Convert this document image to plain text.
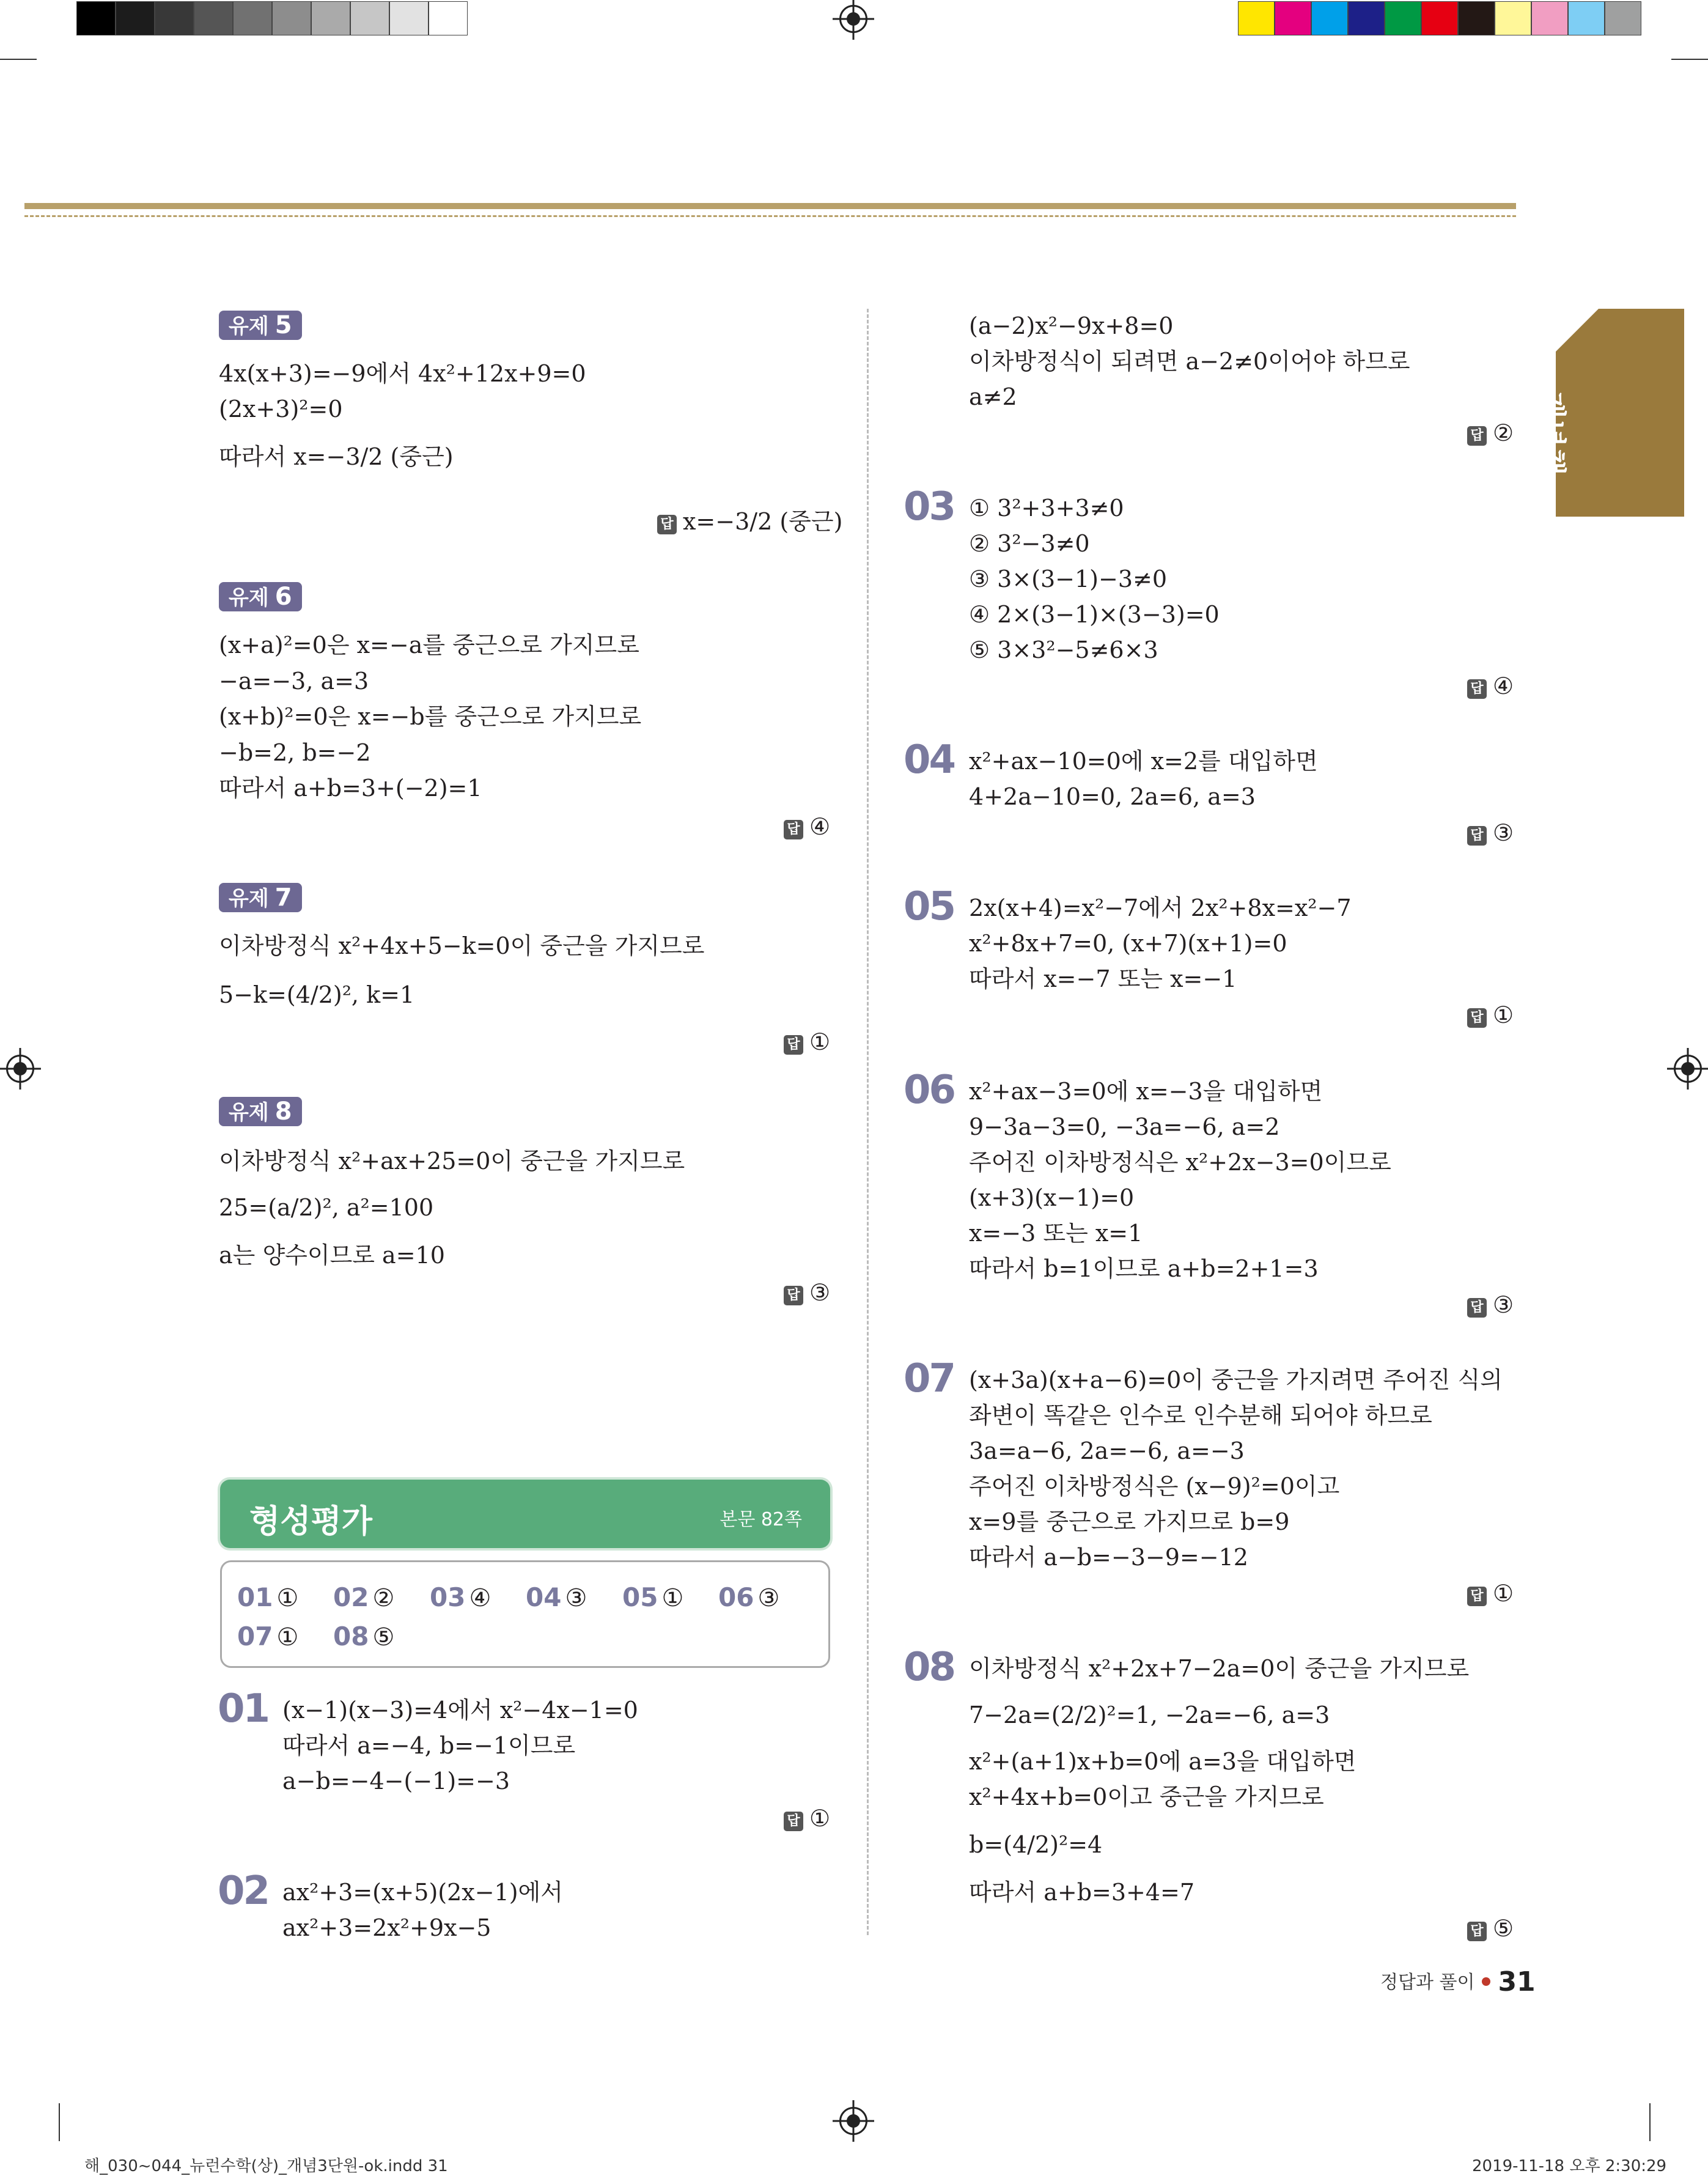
개념책
유제 5
4x(x+3)=−9에서 4x²+12x+9=0
(2x+3)²=0
따라서 x=−3/2 (중근)
답 x=−3/2 (중근)
유제 6
(x+a)²=0은 x=−a를 중근으로 가지므로
−a=−3, a=3
(x+b)²=0은 x=−b를 중근으로 가지므로
−b=2, b=−2
따라서 a+b=3+(−2)=1
답 ④
유제 7
이차방정식 x²+4x+5−k=0이 중근을 가지므로
5−k=(4/2)², k=1
답 ①
유제 8
이차방정식 x²+ax+25=0이 중근을 가지므로
25=(a/2)², a²=100
a는 양수이므로 a=10
답 ③
형성평가	본문 82쪽
01 ① 02 ② 03 ④ 04 ③ 05 ① 06 ③
07 ① 08 ⑤
01 (x−1)(x−3)=4에서 x²−4x−1=0
따라서 a=−4, b=−1이므로
a−b=−4−(−1)=−3
답 ①
02 ax²+3=(x+5)(2x−1)에서
ax²+3=2x²+9x−5
(a−2)x²−9x+8=0
이차방정식이 되려면 a−2≠0이어야 하므로
a≠2
답 ②
03 ① 3²+3+3≠0
② 3²−3≠0
③ 3×(3−1)−3≠0
④ 2×(3−1)×(3−3)=0
⑤ 3×3²−5≠6×3
답 ④
04 x²+ax−10=0에 x=2를 대입하면
4+2a−10=0, 2a=6, a=3
답 ③
05 2x(x+4)=x²−7에서 2x²+8x=x²−7
x²+8x+7=0, (x+7)(x+1)=0
따라서 x=−7 또는 x=−1
답 ①
06 x²+ax−3=0에 x=−3을 대입하면
9−3a−3=0, −3a=−6, a=2
주어진 이차방정식은 x²+2x−3=0이므로
(x+3)(x−1)=0
x=−3 또는 x=1
따라서 b=1이므로 a+b=2+1=3
답 ③
07 (x+3a)(x+a−6)=0이 중근을 가지려면 주어진 식의
좌변이 똑같은 인수로 인수분해 되어야 하므로
3a=a−6, 2a=−6, a=−3
주어진 이차방정식은 (x−9)²=0이고
x=9를 중근으로 가지므로 b=9
따라서 a−b=−3−9=−12
답 ①
08 이차방정식 x²+2x+7−2a=0이 중근을 가지므로
7−2a=(2/2)²=1, −2a=−6, a=3
x²+(a+1)x+b=0에 a=3을 대입하면
x²+4x+b=0이고 중근을 가지므로
b=(4/2)²=4
따라서 a+b=3+4=7
답 ⑤
정답과 풀이 31
해_030~044_뉴런수학(상)_개념3단원-ok.indd 31	2019-11-18 오후 2:30:29
